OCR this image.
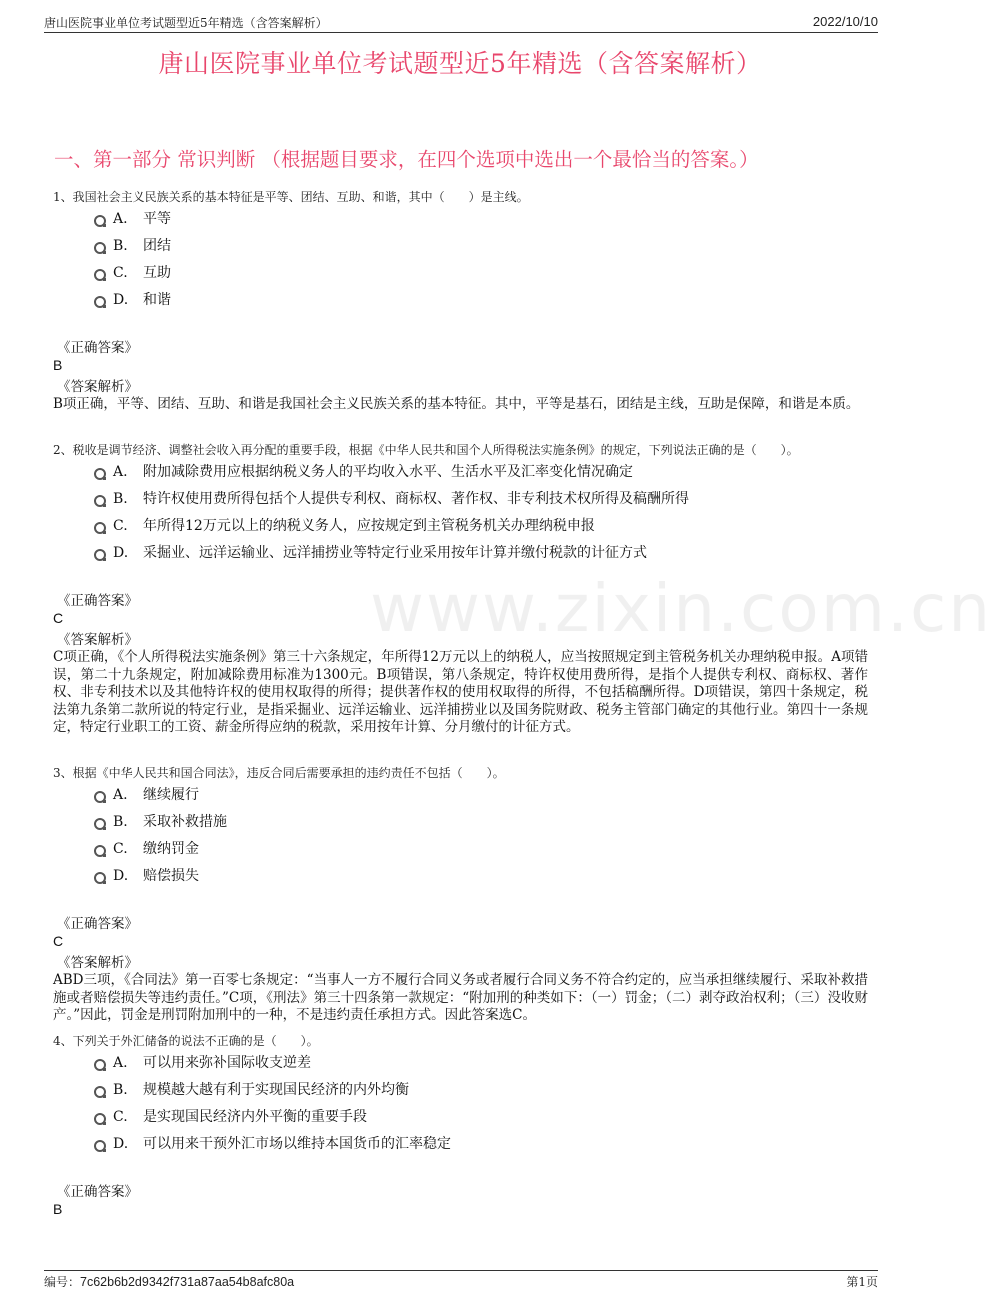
唐山医院事业单位考试题型近5年精选（含答案解析）	2022/10/10
唐山医院事业单位考试题型近5年精选（含答案解析）
一、第一部分 常识判断 （根据题目要求，在四个选项中选出一个最恰当的答案。）
www.zixin.com.cn
1、我国社会主义民族关系的基本特征是平等、团结、互助、和谐，其中（　　）是主线。
A. 平等
B. 团结
C. 互助
D. 和谐
《正确答案》
B
《答案解析》

B项正确，平等、团结、互助、和谐是我国社会主义民族关系的基本特征。其中，平等是基石，团结是主线，互助是保障，和谐是本质。

2、税收是调节经济、调整社会收入再分配的重要手段，根据《中华人民共和国个人所得税法实施条例》的规定，下列说法正确的是（　　）。
A. 附加减除费用应根据纳税义务人的平均收入水平、生活水平及汇率变化情况确定
B. 特许权使用费所得包括个人提供专利权、商标权、著作权、非专利技术权所得及稿酬所得
C. 年所得12万元以上的纳税义务人，应按规定到主管税务机关办理纳税申报
D. 采掘业、远洋运输业、远洋捕捞业等特定行业采用按年计算并缴付税款的计征方式
《正确答案》
C
《答案解析》

C项正确，《个人所得税法实施条例》第三十六条规定，年所得12万元以上的纳税人，应当按照规定到主管税务机关办理纳税申报。A项错误，第二十九条规定，附加减除费用标准为1300元。B项错误，第八条规定，特许权使用费所得，是指个人提供专利权、商标权、著作权、非专利技术以及其他特许权的使用权取得的所得；提供著作权的使用权取得的所得，不包括稿酬所得。D项错误，第四十条规定，税法第九条第二款所说的特定行业，是指采掘业、远洋运输业、远洋捕捞业以及国务院财政、税务主管部门确定的其他行业。第四十一条规定，特定行业职工的工资、薪金所得应纳的税款，采用按年计算、分月缴付的计征方式。

3、根据《中华人民共和国合同法》，违反合同后需要承担的违约责任不包括（　　）。
A. 继续履行
B. 采取补救措施
C. 缴纳罚金
D. 赔偿损失
《正确答案》
C
《答案解析》

ABD三项，《合同法》第一百零七条规定：“当事人一方不履行合同义务或者履行合同义务不符合约定的，应当承担继续履行、采取补救措施或者赔偿损失等违约责任。”C项，《刑法》第三十四条第一款规定：“附加刑的种类如下：（一）罚金；（二）剥夺政治权利；（三）没收财产。”因此，罚金是刑罚附加刑中的一种，不是违约责任承担方式。因此答案选C。

4、下列关于外汇储备的说法不正确的是（　　）。
A. 可以用来弥补国际收支逆差
B. 规模越大越有利于实现国民经济的内外均衡
C. 是实现国民经济内外平衡的重要手段
D. 可以用来干预外汇市场以维持本国货币的汇率稳定
《正确答案》
B
编号：7c62b6b2d9342f731a87aa54b8afc80a	第1页
